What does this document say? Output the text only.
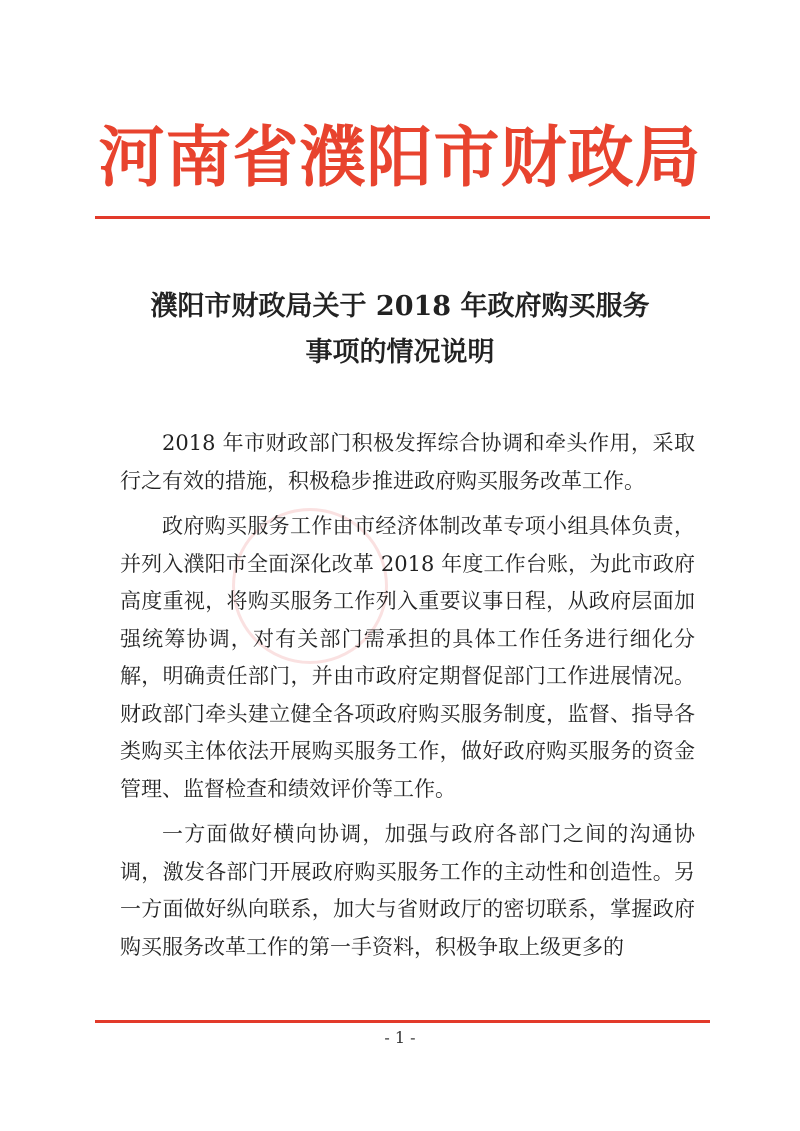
河南省濮阳市财政局
濮阳市财政局关于 2018 年政府购买服务
事项的情况说明

2018 年市财政部门积极发挥综合协调和牵头作用，采取行之有效的措施，积极稳步推进政府购买服务改革工作。

政府购买服务工作由市经济体制改革专项小组具体负责，并列入濮阳市全面深化改革 2018 年度工作台账，为此市政府高度重视，将购买服务工作列入重要议事日程，从政府层面加强统筹协调，对有关部门需承担的具体工作任务进行细化分解，明确责任部门，并由市政府定期督促部门工作进展情况。财政部门牵头建立健全各项政府购买服务制度，监督、指导各类购买主体依法开展购买服务工作，做好政府购买服务的资金管理、监督检查和绩效评价等工作。

一方面做好横向协调，加强与政府各部门之间的沟通协调，激发各部门开展政府购买服务工作的主动性和创造性。另一方面做好纵向联系，加大与省财政厅的密切联系，掌握政府购买服务改革工作的第一手资料，积极争取上级更多的

- 1 -
